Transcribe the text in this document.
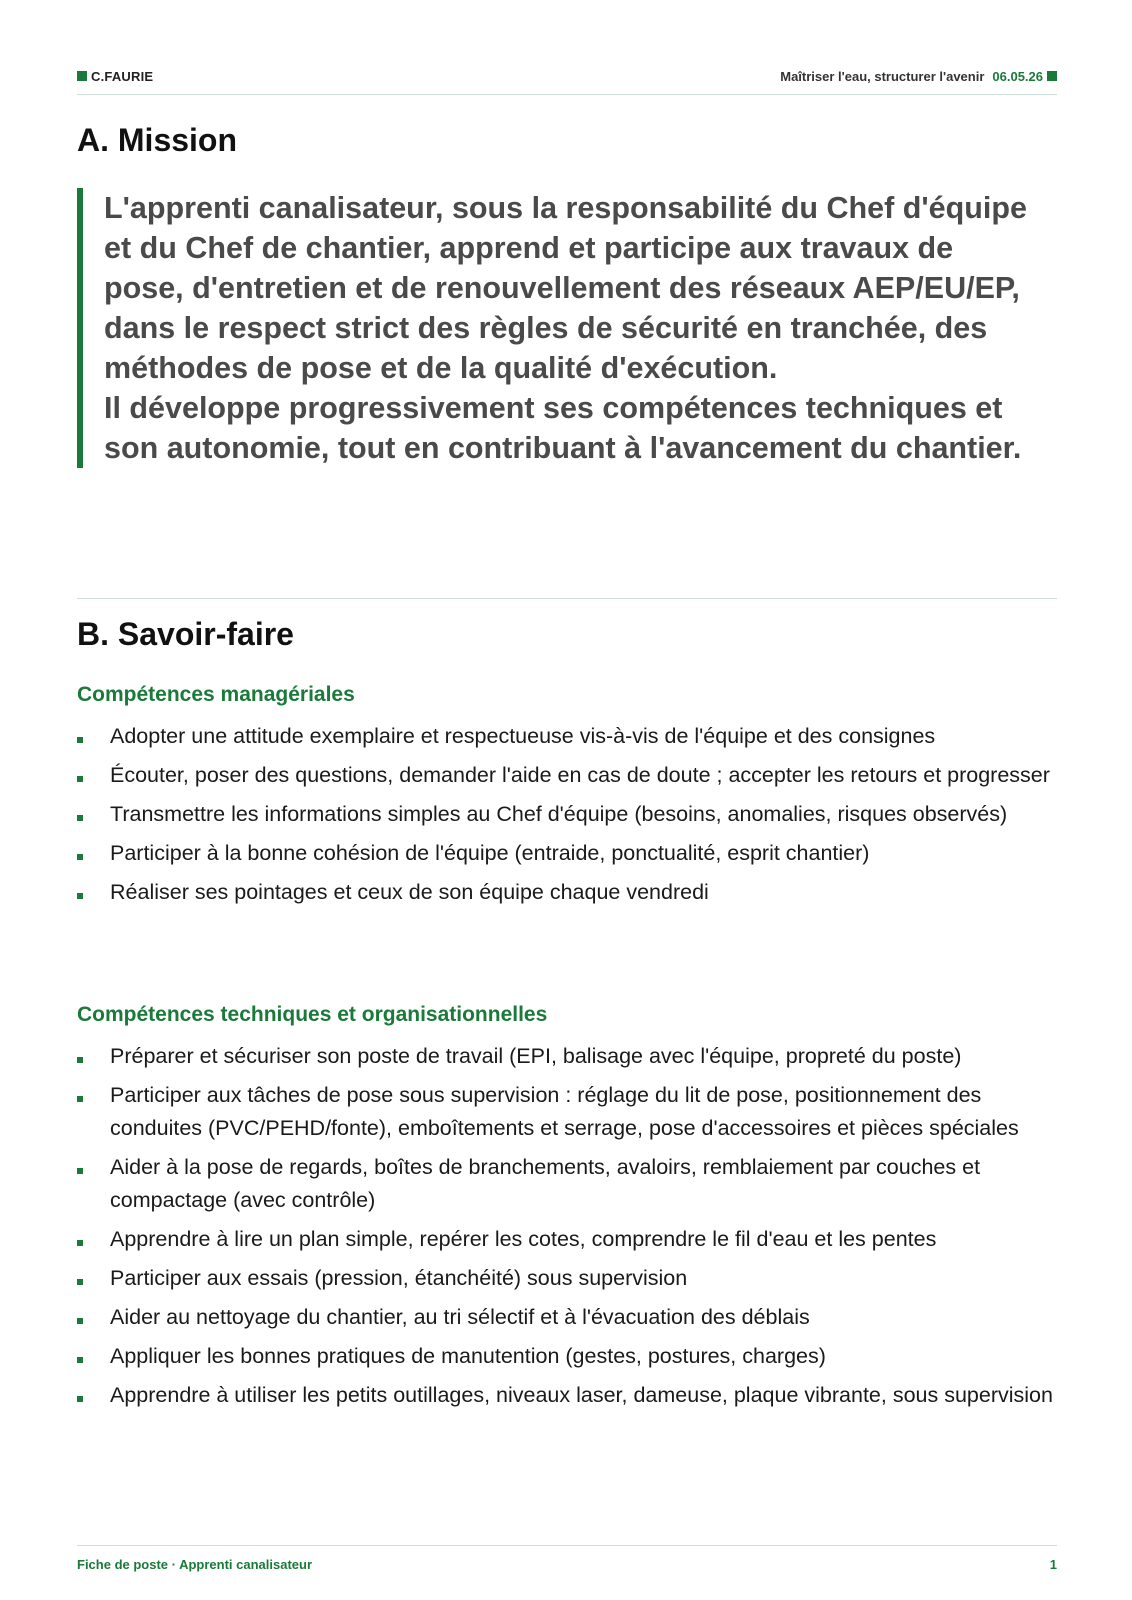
C.FAURIE	Maîtriser l'eau, structurer l'avenir 06.05.26
A. Mission

L'apprenti canalisateur, sous la responsabilité du Chef d'équipe et du Chef de chantier, apprend et participe aux travaux de pose, d'entretien et de renouvellement des réseaux AEP/EU/EP, dans le respect strict des règles de sécurité en tranchée, des méthodes de pose et de la qualité d'exécution.

Il développe progressivement ses compétences techniques et son autonomie, tout en contribuant à l'avancement du chantier.

B. Savoir-faire
Compétences managériales
Adopter une attitude exemplaire et respectueuse vis-à-vis de l'équipe et des consignes
Écouter, poser des questions, demander l'aide en cas de doute ; accepter les retours et progresser
Transmettre les informations simples au Chef d'équipe (besoins, anomalies, risques observés)
Participer à la bonne cohésion de l'équipe (entraide, ponctualité, esprit chantier)
Réaliser ses pointages et ceux de son équipe chaque vendredi
Compétences techniques et organisationnelles
Préparer et sécuriser son poste de travail (EPI, balisage avec l'équipe, propreté du poste)
Participer aux tâches de pose sous supervision : réglage du lit de pose, positionnement des conduites (PVC/PEHD/fonte), emboîtements et serrage, pose d'accessoires et pièces spéciales
Aider à la pose de regards, boîtes de branchements, avaloirs, remblaiement par couches et compactage (avec contrôle)
Apprendre à lire un plan simple, repérer les cotes, comprendre le fil d'eau et les pentes
Participer aux essais (pression, étanchéité) sous supervision
Aider au nettoyage du chantier, au tri sélectif et à l'évacuation des déblais
Appliquer les bonnes pratiques de manutention (gestes, postures, charges)
Apprendre à utiliser les petits outillages, niveaux laser, dameuse, plaque vibrante, sous supervision
Fiche de poste · Apprenti canalisateur	1
